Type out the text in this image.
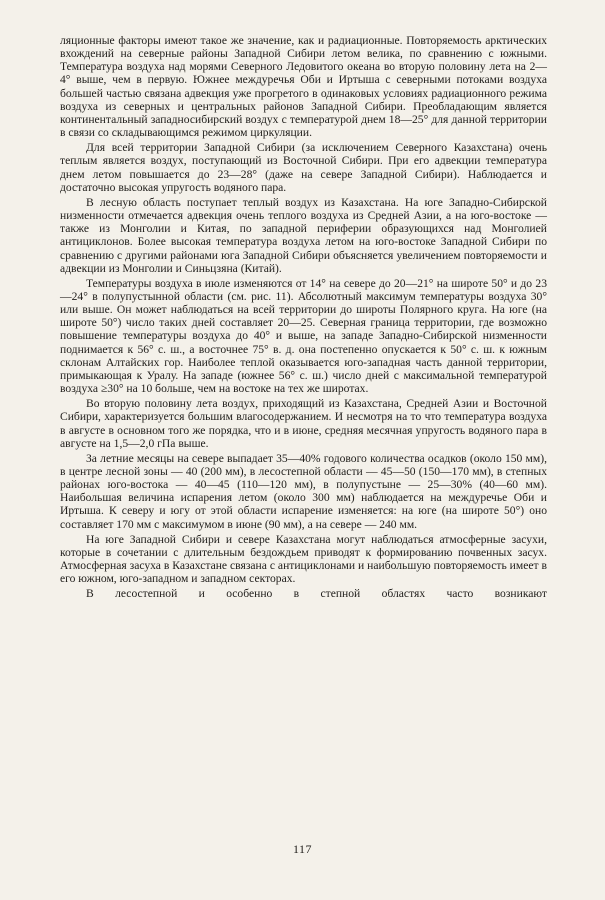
ляционные факторы имеют такое же значение, как и радиационные. Повторяемость арктических вхождений на северные районы Западной Сибири летом велика, по сравнению с южными. Температура воздуха над морями Северного Ледовитого океана во вторую половину лета на 2—4° выше, чем в первую. Южнее междуречья Оби и Иртыша с северными потоками воздуха большей частью связана адвекция уже прогретого в одинаковых условиях радиационного режима воздуха из северных и центральных районов Западной Сибири. Преобладающим является континентальный западносибирский воздух с температурой днем 18—25° для данной территории в связи со складывающимся режимом циркуляции.

Для всей территории Западной Сибири (за исключением Северного Казахстана) очень теплым является воздух, поступающий из Восточной Сибири. При его адвекции температура днем летом повышается до 23—28° (даже на севере Западной Сибири). Наблюдается и достаточно высокая упругость водяного пара.

В лесную область поступает теплый воздух из Казахстана. На юге Западно-Сибирской низменности отмечается адвекция очень теплого воздуха из Средней Азии, а на юго-востоке — также из Монголии и Китая, по западной периферии образующихся над Монголией антициклонов. Более высокая температура воздуха летом на юго-востоке Западной Сибири по сравнению с другими районами юга Западной Сибири объясняется увеличением повторяемости и адвекции из Монголии и Синьцзяна (Китай).

Температуры воздуха в июле изменяются от 14° на севере до 20—21° на широте 50° и до 23—24° в полупустынной области (см. рис. 11). Абсолютный максимум температуры воздуха 30° или выше. Он может наблюдаться на всей территории до широты Полярного круга. На юге (на широте 50°) число таких дней составляет 20—25. Северная граница территории, где возможно повышение температуры воздуха до 40° и выше, на западе Западно-Сибирской низменности поднимается к 56° с. ш., а восточнее 75° в. д. она постепенно опускается к 50° с. ш. к южным склонам Алтайских гор. Наиболее теплой оказывается юго-западная часть данной территории, примыкающая к Уралу. На западе (южнее 56° с. ш.) число дней с максимальной температурой воздуха ≥30° на 10 больше, чем на востоке на тех же широтах.

Во вторую половину лета воздух, приходящий из Казахстана, Средней Азии и Восточной Сибири, характеризуется большим влагосодержанием. И несмотря на то что температура воздуха в августе в основном того же порядка, что и в июне, средняя месячная упругость водяного пара в августе на 1,5—2,0 гПа выше.

За летние месяцы на севере выпадает 35—40% годового количества осадков (около 150 мм), в центре лесной зоны — 40 (200 мм), в лесостепной области — 45—50 (150—170 мм), в степных районах юго-востока — 40—45 (110—120 мм), в полупустыне — 25—30% (40—60 мм). Наибольшая величина испарения летом (около 300 мм) наблюдается на междуречье Оби и Иртыша. К северу и югу от этой области испарение изменяется: на юге (на широте 50°) оно составляет 170 мм с максимумом в июне (90 мм), а на севере — 240 мм.

На юге Западной Сибири и севере Казахстана могут наблюдаться атмосферные засухи, которые в сочетании с длительным бездождьем приводят к формированию почвенных засух. Атмосферная засуха в Казахстане связана с антициклонами и наибольшую повторяемость имеет в его южном, юго-западном и западном секторах.

В лесостепной и особенно в степной областях часто возникают

117
